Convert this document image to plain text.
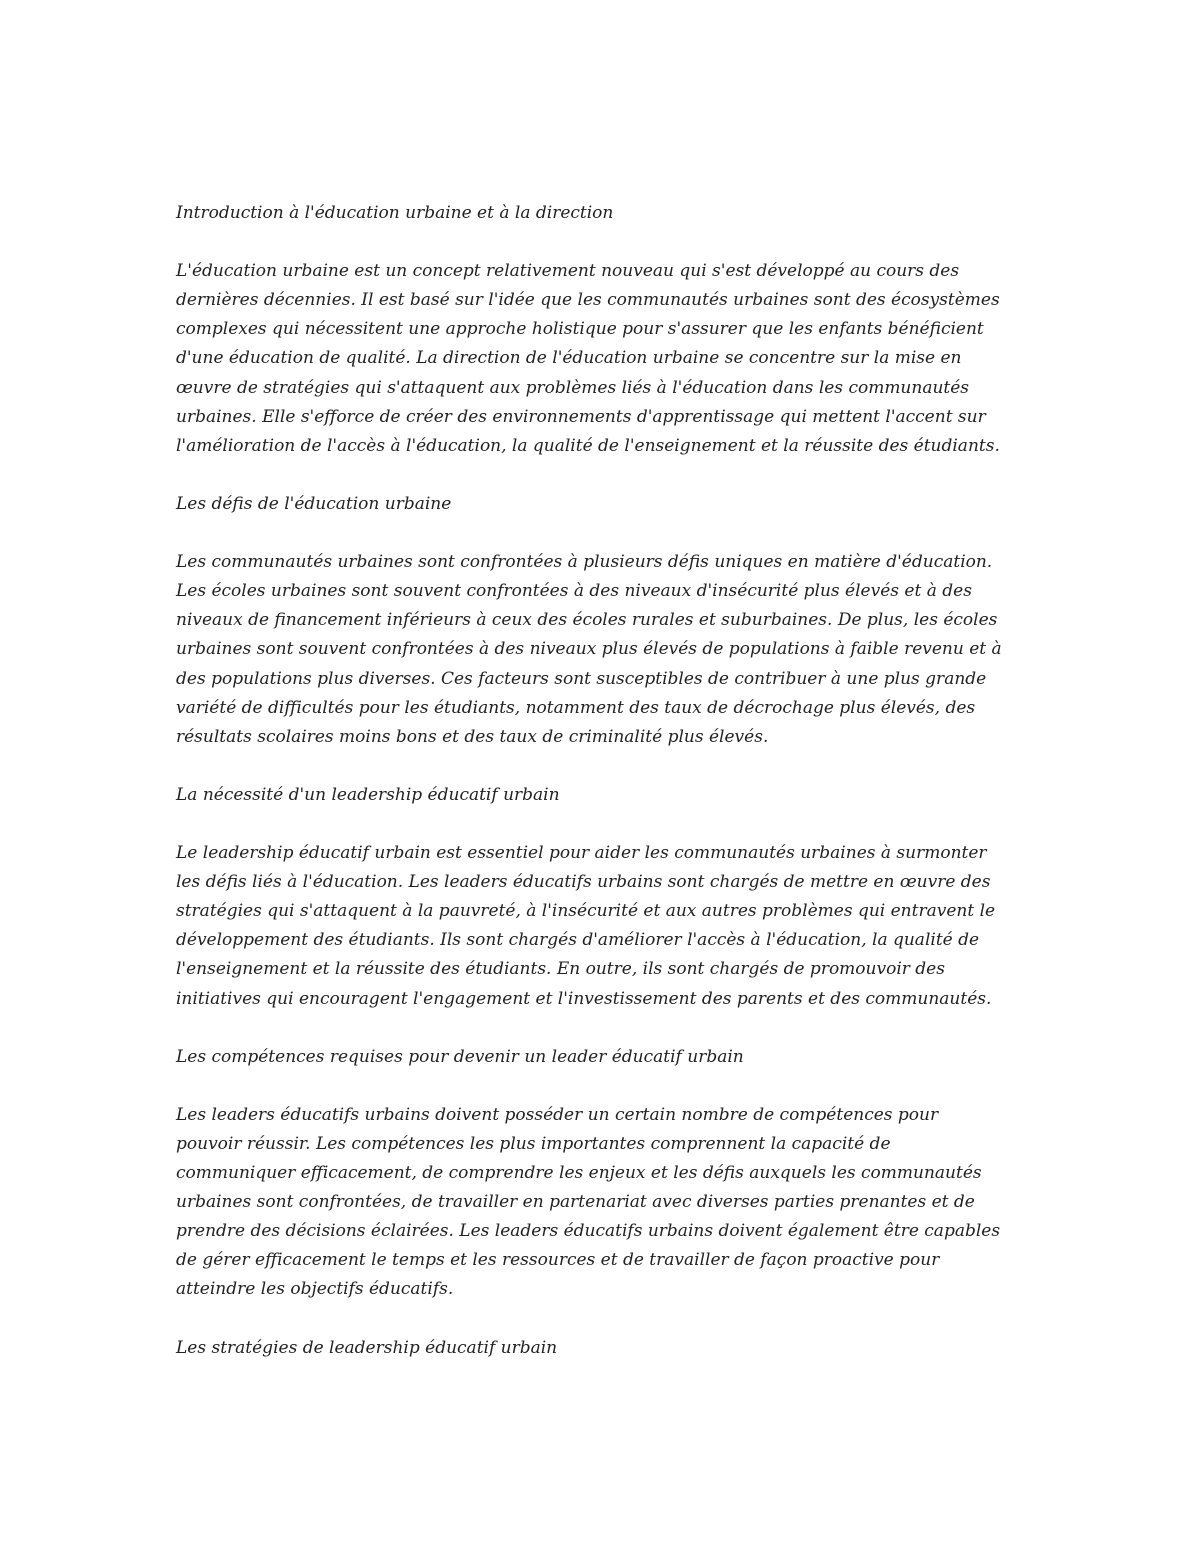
Introduction à l'éducation urbaine et à la direction
L'éducation urbaine est un concept relativement nouveau qui s'est développé au cours des
dernières décennies. Il est basé sur l'idée que les communautés urbaines sont des écosystèmes
complexes qui nécessitent une approche holistique pour s'assurer que les enfants bénéficient
d'une éducation de qualité. La direction de l'éducation urbaine se concentre sur la mise en
œuvre de stratégies qui s'attaquent aux problèmes liés à l'éducation dans les communautés
urbaines. Elle s'efforce de créer des environnements d'apprentissage qui mettent l'accent sur
l'amélioration de l'accès à l'éducation, la qualité de l'enseignement et la réussite des étudiants.
Les défis de l'éducation urbaine
Les communautés urbaines sont confrontées à plusieurs défis uniques en matière d'éducation.
Les écoles urbaines sont souvent confrontées à des niveaux d'insécurité plus élevés et à des
niveaux de financement inférieurs à ceux des écoles rurales et suburbaines. De plus, les écoles
urbaines sont souvent confrontées à des niveaux plus élevés de populations à faible revenu et à
des populations plus diverses. Ces facteurs sont susceptibles de contribuer à une plus grande
variété de difficultés pour les étudiants, notamment des taux de décrochage plus élevés, des
résultats scolaires moins bons et des taux de criminalité plus élevés.
La nécessité d'un leadership éducatif urbain
Le leadership éducatif urbain est essentiel pour aider les communautés urbaines à surmonter
les défis liés à l'éducation. Les leaders éducatifs urbains sont chargés de mettre en œuvre des
stratégies qui s'attaquent à la pauvreté, à l'insécurité et aux autres problèmes qui entravent le
développement des étudiants. Ils sont chargés d'améliorer l'accès à l'éducation, la qualité de
l'enseignement et la réussite des étudiants. En outre, ils sont chargés de promouvoir des
initiatives qui encouragent l'engagement et l'investissement des parents et des communautés.
Les compétences requises pour devenir un leader éducatif urbain
Les leaders éducatifs urbains doivent posséder un certain nombre de compétences pour
pouvoir réussir. Les compétences les plus importantes comprennent la capacité de
communiquer efficacement, de comprendre les enjeux et les défis auxquels les communautés
urbaines sont confrontées, de travailler en partenariat avec diverses parties prenantes et de
prendre des décisions éclairées. Les leaders éducatifs urbains doivent également être capables
de gérer efficacement le temps et les ressources et de travailler de façon proactive pour
atteindre les objectifs éducatifs.
Les stratégies de leadership éducatif urbain
